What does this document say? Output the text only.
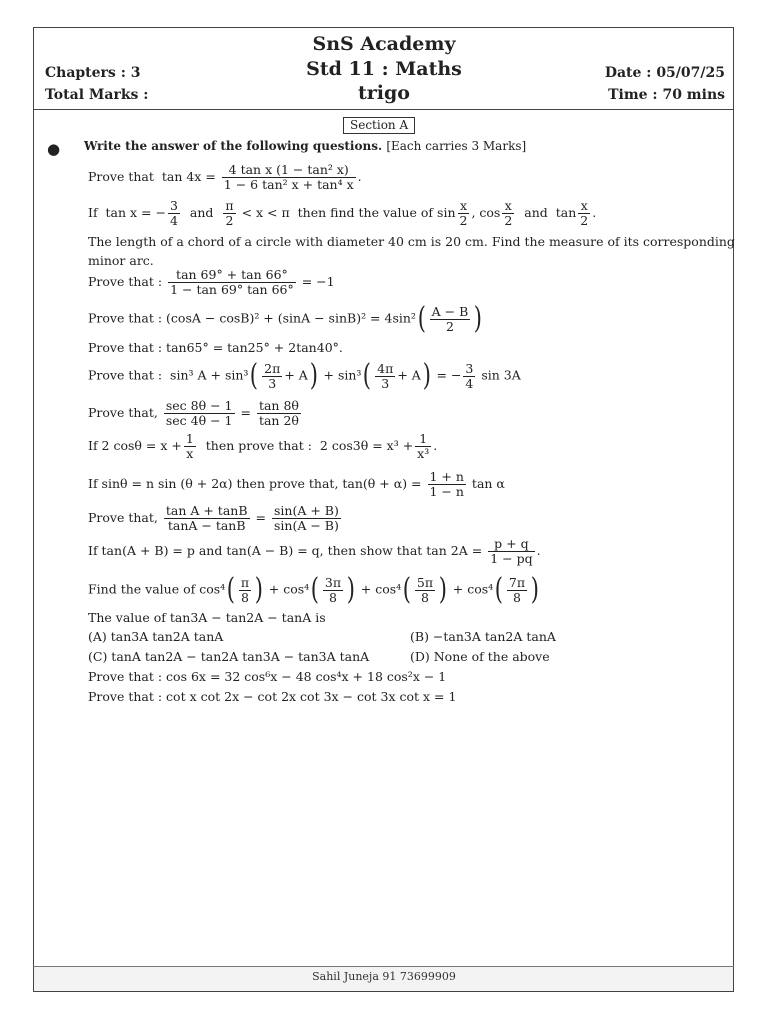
SnS Academy
Std 11 : Maths
trigo
Chapters : 3
Total Marks :
Date : 05/07/25
Time : 70 mins
Section A
● Write the answer of the following questions. [Each carries 3 Marks]
Prove that $\tan 4x = \frac{\text{4 tan x (1 − tan² x)}}{\text{1 − 6 tan² x + tan⁴ x}}$ .
If tan x = − $\frac{3}{4}$ and $\frac{\pi}{2} < x < \pi$ then find the value of $\sin \frac{x}{2}$ , $\cos \frac{x}{2}$ and $\tan \frac{x}{2}$ .
The length of a chord of a circle with diameter 40 cm is 20 cm. Find the measure of its corresponding
minor arc.
Prove that : $\frac{\tan 69^\circ + \tan 66^\circ}{1 - \tan 69^\circ \tan 66^\circ} = -1$
Prove that : $(\cos A - \cos B)^2 + (\sin A - \sin B)^2 = 4\sin^2( \frac{A - B}{2}$ )
Prove that : tan65° = tan25° + 2tan40°.
Prove that : sin³ $A + \sin^3( \frac{2\pi}{3} + A) + \sin^3( \frac{4\pi}{3} + A)$ = − $\frac{3}{4}$ sin 3A
Prove that, $\frac{\sec 8\theta - 1}{\sec 4\theta - 1} = \frac{\tan 8\theta}{\tan 2\theta}$
If 2 $\cos\theta = x + \frac{1}{x}$ then prove that : 2 $\cos 3\theta = x^3 + \frac{1}{\text{x³}}$ .
If sinθ = n sin (θ + 2α) then prove that, $\tan(\theta + \alpha) = \frac{1 + n}{1 - n}$ tan α
Prove that, $\frac{\text{tan A + tanB}}{\tan A - \tan B} = \frac{\sin(A + B)}{\sin(A - B)}$
If tan(A + B) = p and tan(A − B) = q, then show that $\tan 2A = \frac{p + q}{1 - pq}$ .
Find the value of $\cos^4( \frac{\pi}{8}$ ) + $\cos^4( \frac{3\pi}{8}$ ) + $\cos^4( \frac{5\pi}{8}$ ) + $\cos^4( \frac{7\pi}{8}$ )
The value of tan3A − tan2A − tanA is
(A) tan3A tan2A tanA	(B) −tan3A tan2A tanA
(C) tanA tan2A − tan2A tan3A − tan3A tanA	(D) None of the above
Prove that : cos 6x = 32 cos⁶x − 48 cos⁴x + 18 cos²x − 1
Prove that : cot x cot 2x − cot 2x cot 3x − cot 3x cot x = 1
Sahil Juneja 91 73699909
